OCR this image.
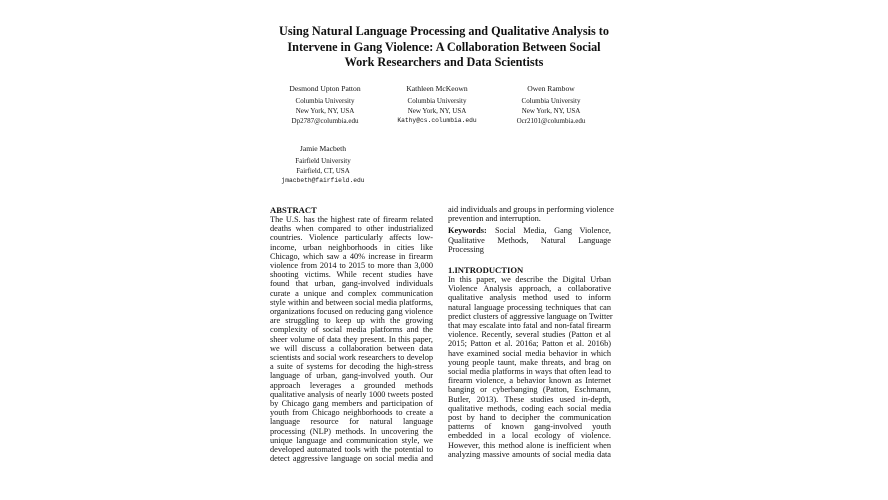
Using Natural Language Processing and Qualitative Analysis to
Intervene in Gang Violence: A Collaboration Between Social
Work Researchers and Data Scientists
Desmond Upton Patton
Columbia University
New York, NY, USA
Dp2787@columbia.edu
Kathleen McKeown
Columbia University
New York, NY, USA
Kathy@cs.columbia.edu
Owen Rambow
Columbia University
New York, NY, USA
Ocr2101@columbia.edu
Jamie Macbeth
Fairfield University
Fairfield, CT, USA
jmacbeth@fairfield.edu
ABSTRACT
The U.S. has the highest rate of firearm related
deaths when compared to other industrialized
countries. Violence particularly affects low-
income, urban neighborhoods in cities like
Chicago, which saw a 40% increase in firearm
violence from 2014 to 2015 to more than 3,000
shooting victims. While recent studies have
found that urban, gang-involved individuals
curate a unique and complex communication
style within and between social media platforms,
organizations focused on reducing gang violence
are struggling to keep up with the growing
complexity of social media platforms and the
sheer volume of data they present. In this paper,
we will discuss a collaboration between data
scientists and social work researchers to develop
a suite of systems for decoding the high-stress
language of urban, gang-involved youth. Our
approach leverages a grounded methods
qualitative analysis of nearly 1000 tweets posted
by Chicago gang members and participation of
youth from Chicago neighborhoods to create a
language resource for natural language
processing (NLP) methods. In uncovering the
unique language and communication style, we
developed automated tools with the potential to
detect aggressive language on social media and
aid individuals and groups in performing violence
prevention and interruption.
Keywords:  Social Media, Gang Violence,
Qualitative Methods, Natural Language
Processing
1.INTRODUCTION
In this paper, we describe the Digital Urban
Violence Analysis approach, a collaborative
qualitative analysis method used to inform
natural language processing techniques that can
predict clusters of aggressive language on Twitter
that may escalate into fatal and non-fatal firearm
violence. Recently, several studies (Patton et al
2015; Patton et al. 2016a; Patton et al. 2016b)
have examined social media behavior in which
young people taunt, make threats, and brag on
social media platforms in ways that often lead to
firearm violence, a behavior known as Internet
banging or cyberbanging (Patton, Eschmann,
Butler, 2013). These studies used in-depth,
qualitative methods, coding each social media
post by hand to decipher the communication
patterns of known gang-involved youth
embedded in a local ecology of violence.
However, this method alone is inefficient when
analyzing massive amounts of social media data
